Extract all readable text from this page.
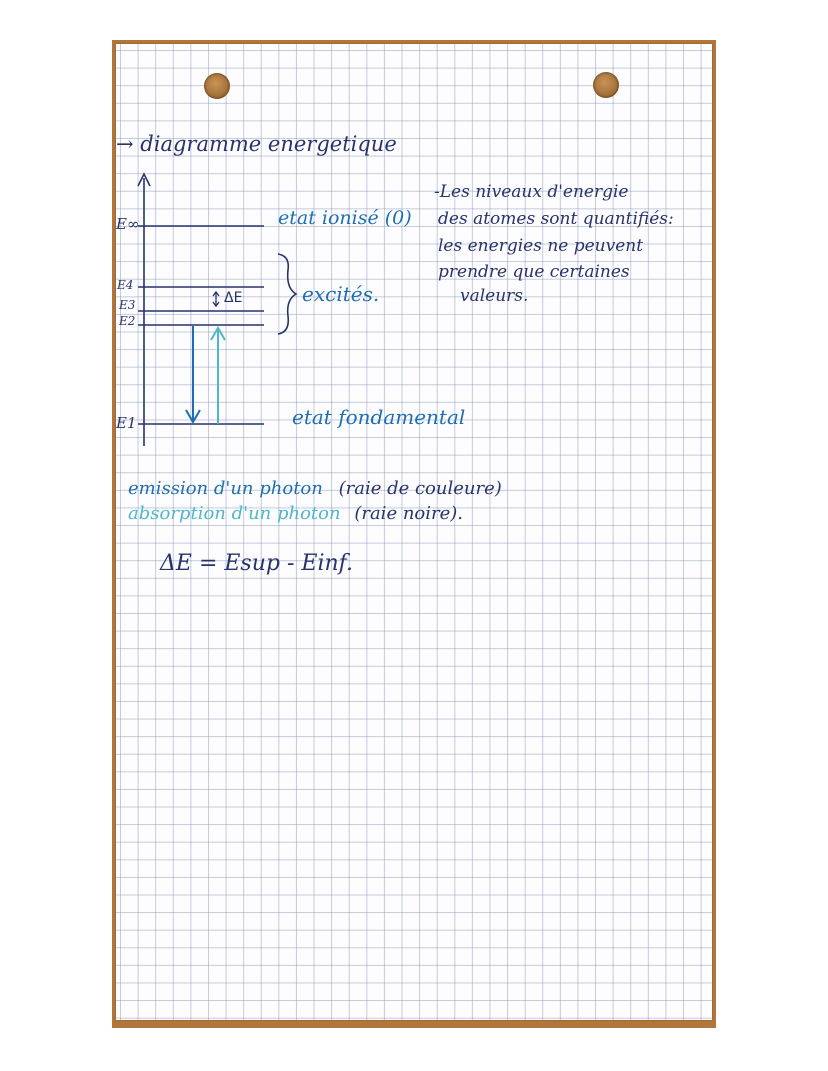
→ diagramme energetique
E∞
E4
E3
E2
E1
ΔE
etat ionisé (0)
excités.
etat fondamental
-Les niveaux d'energie
des atomes sont quantifiés:
les energies ne peuvent
prendre que certaines
valeurs.
emission d'un photon (raie de couleure)
absorption d'un photon (raie noire).
ΔE = Esup - Einf.
